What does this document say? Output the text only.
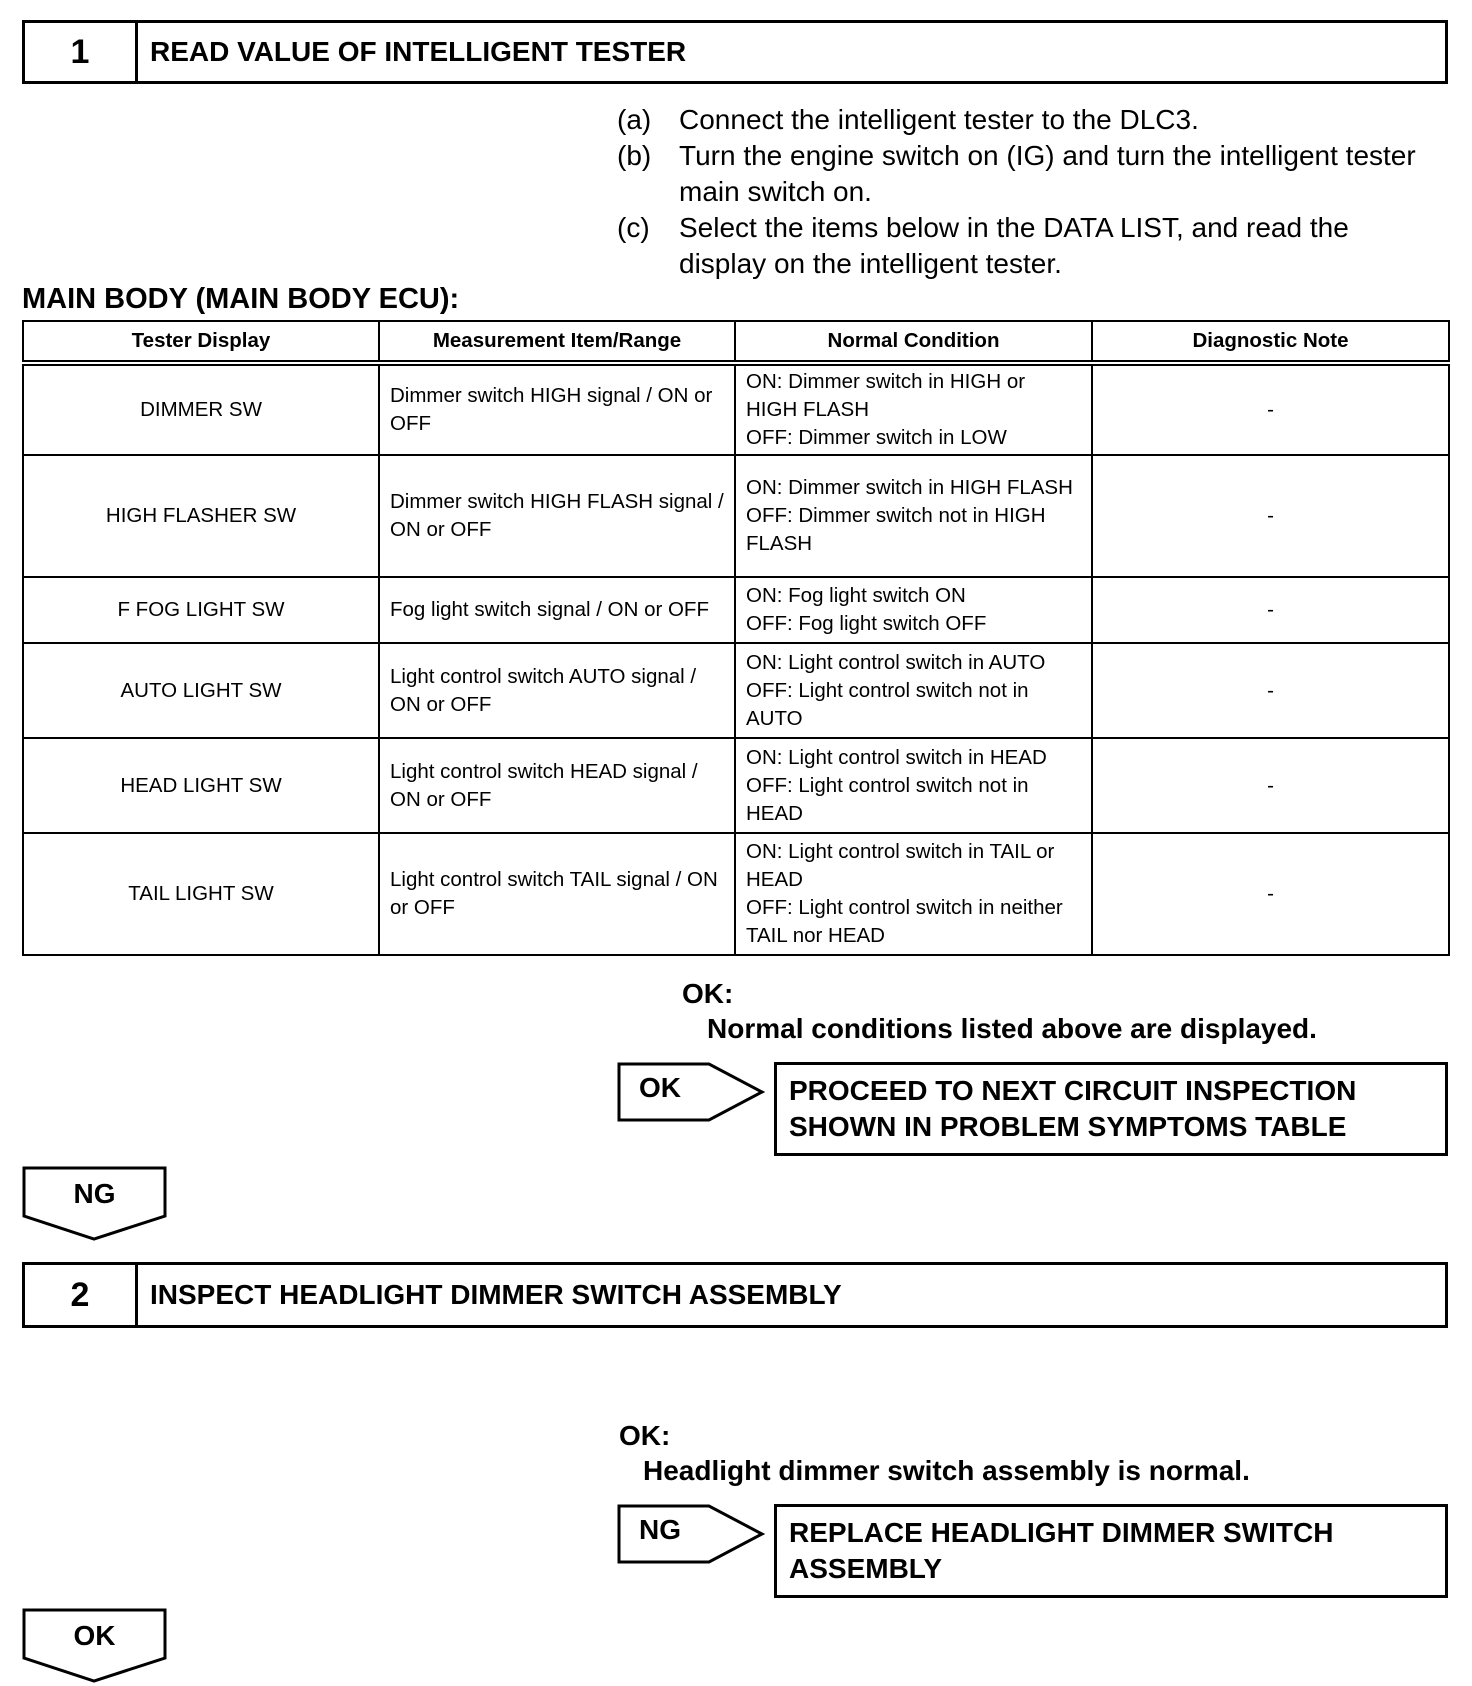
1	READ VALUE OF INTELLIGENT TESTER
(a) Connect the intelligent tester to the DLC3.
(b) Turn the engine switch on (IG) and turn the intelligent tester main switch on.
(c)	Select the items below in the DATA LIST, and read the display on the intelligent tester.
MAIN BODY (MAIN BODY ECU):
Tester Display	Measurement Item/Range	Normal Condition	Diagnostic Note
DIMMER SW	Dimmer switch HIGH signal / ON or OFF	ON: Dimmer switch in HIGH or HIGH FLASH
OFF: Dimmer switch in LOW	-
HIGH FLASHER SW	Dimmer switch HIGH FLASH signal / ON or OFF	ON: Dimmer switch in HIGH FLASH
OFF: Dimmer switch not in HIGH FLASH	-
F FOG LIGHT SW	Fog light switch signal / ON or OFF	ON: Fog light switch ON
OFF: Fog light switch OFF	-
AUTO LIGHT SW	Light control switch AUTO signal / ON or OFF	ON: Light control switch in AUTO
OFF: Light control switch not in AUTO	-
HEAD LIGHT SW	Light control switch HEAD signal / ON or OFF	ON: Light control switch in HEAD
OFF: Light control switch not in HEAD	-
TAIL LIGHT SW	Light control switch TAIL signal / ON or OFF	ON: Light control switch in TAIL or HEAD
OFF: Light control switch in neither TAIL nor HEAD	-
OK:
Normal conditions listed above are displayed.
OK	PROCEED TO NEXT CIRCUIT INSPECTION SHOWN IN PROBLEM SYMPTOMS TABLE
NG
2	INSPECT HEADLIGHT DIMMER SWITCH ASSEMBLY
OK:
Headlight dimmer switch assembly is normal.
NG	REPLACE HEADLIGHT DIMMER SWITCH ASSEMBLY
OK
